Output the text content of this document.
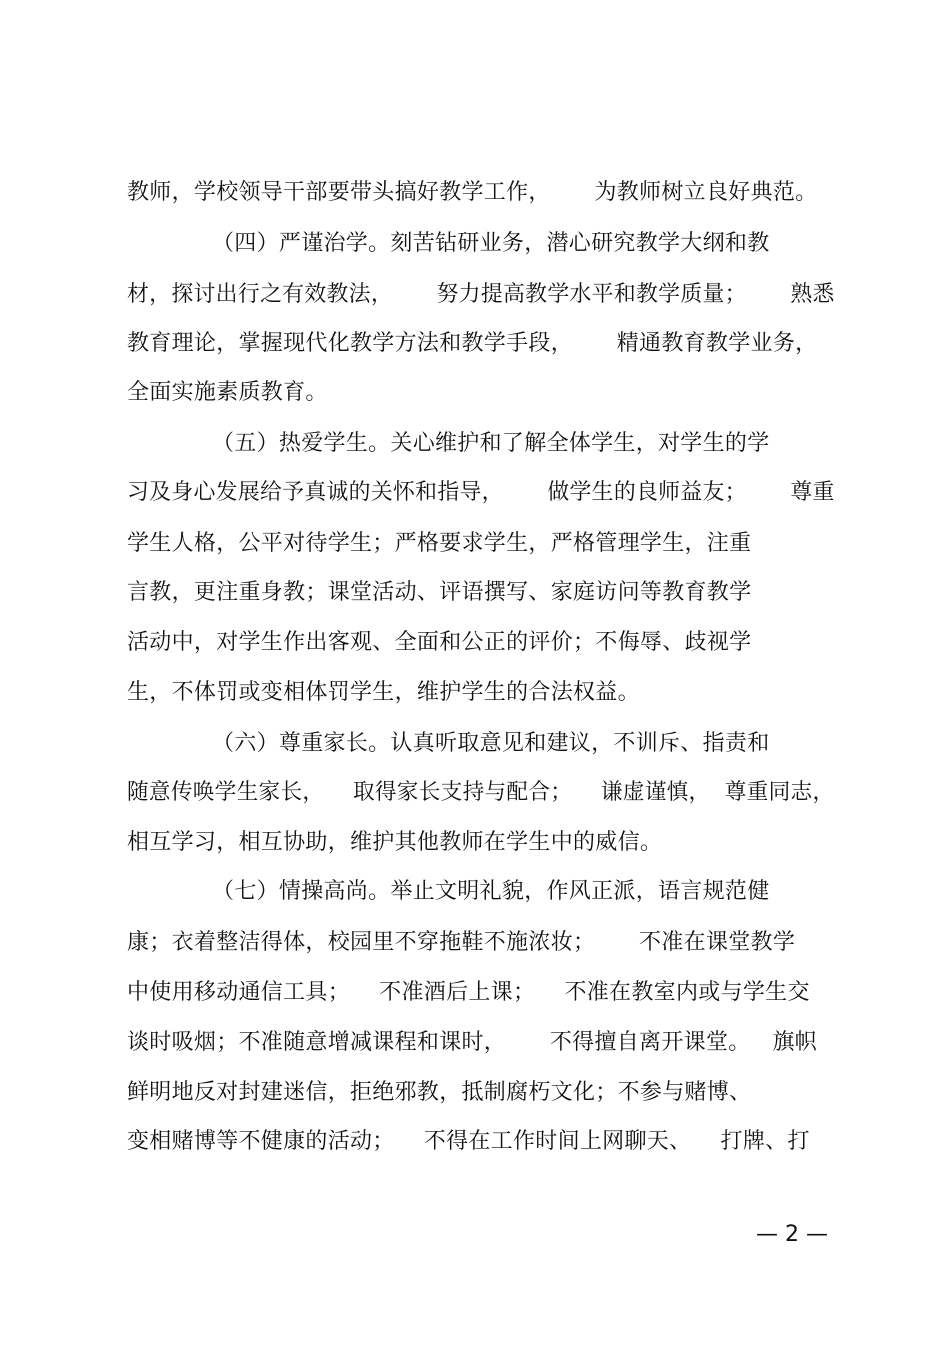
教师，学校领导干部要带头搞好教学工作，      为教师树立良好典范。
（四）严谨治学。刻苦钻研业务，潜心研究教学大纲和教
材，探讨出行之有效教法，      努力提高教学水平和教学质量；      熟悉
教育理论，掌握现代化教学方法和教学手段，      精通教育教学业务，
全面实施素质教育。
（五）热爱学生。关心维护和了解全体学生，对学生的学
习及身心发展给予真诚的关怀和指导，      做学生的良师益友；      尊重
学生人格，公平对待学生；严格要求学生，严格管理学生，注重
言教，更注重身教；课堂活动、评语撰写、家庭访问等教育教学
活动中，对学生作出客观、全面和公正的评价；不侮辱、歧视学
生，不体罚或变相体罚学生，维护学生的合法权益。
（六）尊重家长。认真听取意见和建议，不训斥、指责和
随意传唤学生家长，    取得家长支持与配合；    谦虚谨慎，  尊重同志，
相互学习，相互协助，维护其他教师在学生中的威信。
（七）情操高尚。举止文明礼貌，作风正派，语言规范健
康；衣着整洁得体，校园里不穿拖鞋不施浓妆；      不准在课堂教学
中使用移动通信工具；    不准酒后上课；    不准在教室内或与学生交
谈时吸烟；不准随意增减课程和课时，      不得擅自离开课堂。   旗帜
鲜明地反对封建迷信，拒绝邪教，抵制腐朽文化；不参与赌博、
变相赌博等不健康的活动；    不得在工作时间上网聊天、    打牌、打
— 2 —
